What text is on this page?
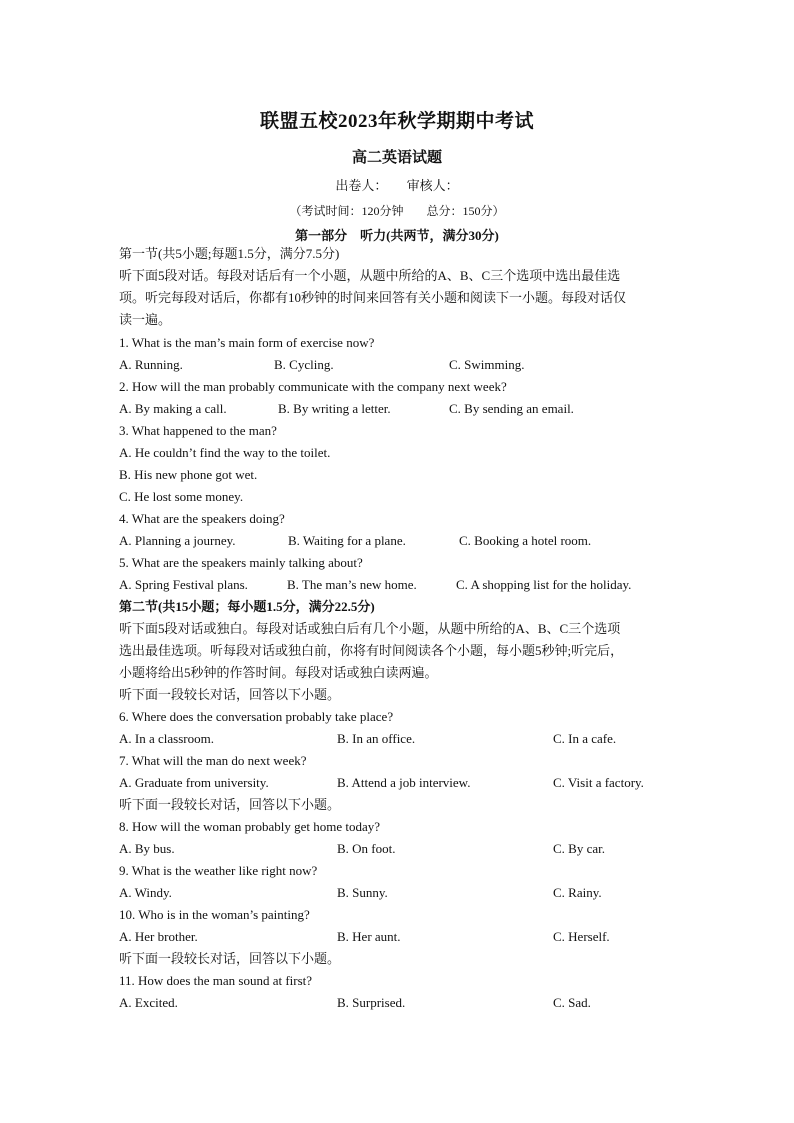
联盟五校2023年秋学期期中考试
高二英语试题
出卷人： 审核人：
（考试时间：120分钟 总分：150分）
第一部分　听力(共两节，满分30分)
第一节(共5小题;每题1.5分，满分7.5分)
听下面5段对话。每段对话后有一个小题，从题中所给的A、B、C三个选项中选出最佳选
项。听完每段对话后，你都有10秒钟的时间来回答有关小题和阅读下一小题。每段对话仅
读一遍。
1. What is the man’s main form of exercise now?
A. Running.	B. Cycling.	C. Swimming.
2. How will the man probably communicate with the company next week?
A. By making a call.	B. By writing a letter.	C. By sending an email.
3. What happened to the man?
A. He couldn’t find the way to the toilet.
B. His new phone got wet.
C. He lost some money.
4. What are the speakers doing?
A. Planning a journey.	B. Waiting for a plane.	C. Booking a hotel room.
5. What are the speakers mainly talking about?
A. Spring Festival plans.	B. The man’s new home.	C. A shopping list for the holiday.
第二节(共15小题；每小题1.5分，满分22.5分)
听下面5段对话或独白。每段对话或独白后有几个小题，从题中所给的A、B、C三个选项
选出最佳选项。听每段对话或独白前，你将有时间阅读各个小题，每小题5秒钟;听完后，
小题将给出5秒钟的作答时间。每段对话或独白读两遍。
听下面一段较长对话，回答以下小题。
6. Where does the conversation probably take place?
A. In a classroom.	B. In an office.	C. In a cafe.
7. What will the man do next week?
A. Graduate from university.	B. Attend a job interview.	C. Visit a factory.
听下面一段较长对话，回答以下小题。
8. How will the woman probably get home today?
A. By bus.	B. On foot.	C. By car.
9. What is the weather like right now?
A. Windy.	B. Sunny.	C. Rainy.
10. Who is in the woman’s painting?
A. Her brother.	B. Her aunt.	C. Herself.
听下面一段较长对话，回答以下小题。
11. How does the man sound at first?
A. Excited.	B. Surprised.	C. Sad.
